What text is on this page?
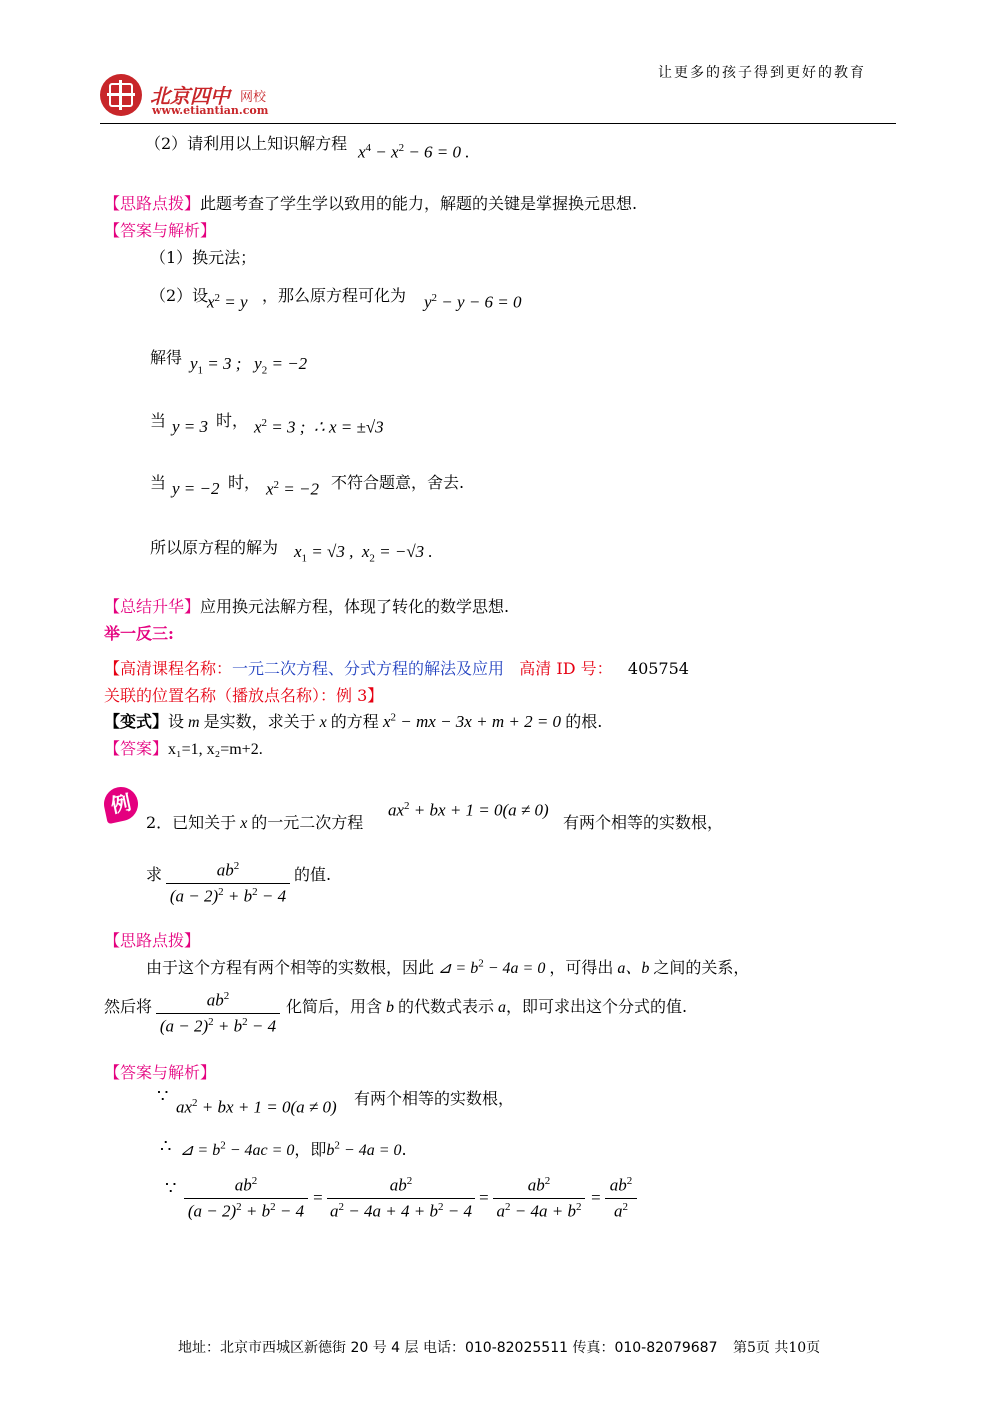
北京四中 网校
www.etiantian.com
让更多的孩子得到更好的教育
（2）请利用以上知识解方程 $x^4 - x^2 - 6 = 0$ .
【思路点拨】此题考查了学生学以致用的能力，解题的关键是掌握换元思想.
【答案与解析】
（1）换元法；
（2）设
$x^2 = y$ ，那么原方程可化为 $y^2 - y - 6 = 0$
解得 $y_1 = 3$ ;   $y_2 = -2$
当 y = 3 时， $x^2 = 3$ ;  ∴ x = ±√3
当 y = −2 时， $x^2 = -2$ 不符合题意，舍去.
所以原方程的解为 $x_1 = √3$ ,  $x_2 = -√3$ .
【总结升华】应用换元法解方程，体现了转化的数学思想.
举一反三:
【高清课程名称：一元二次方程、分式方程的解法及应用 高清 ID 号： 405754
关联的位置名称（播放点名称）：例 3】
【变式】设 m 是实数，求关于 x 的方程 $x^2$ − mx − 3x + m + 2 = 0 的根.
【答案】x₁=1, x₂=m+2.
例
2．已知关于 x 的一元二次方程
$ax^2$ + bx + 1 = 0(a ≠ 0)
有两个相等的实数根，
求	$ab^2$
$(a - 2)^2 + b^2 - 4$
的值.
【思路点拨】
由于这个方程有两个相等的实数根，因此 ⊿ = $b^2 - 4a = 0$ ，可得出 a、b 之间的关系，
然后将	$ab^2$
$(a - 2)^2 + b^2 - 4$
化简后，用含 b 的代数式表示 a，即可求出这个分式的值.
【答案与解析】
∵
$ax^2$ + bx + 1 = 0(a ≠ 0) 有两个相等的实数根，
∴ ⊿ = $b^2 - 4ac = 0$，即$b^2 - 4a = 0$.
∵	$ab^2$
$(a - 2)^2 + b^2 - 4$
=
$ab^2$
$a^2 - 4a + 4 + b^2 - 4$
=
$ab^2$
$a^2 - 4a + b^2$ =
$ab^2$
$a^2$
地址：北京市西城区新德街 20 号 4 层 电话：010-82025511 传真：010-82079687 第5页 共10页
